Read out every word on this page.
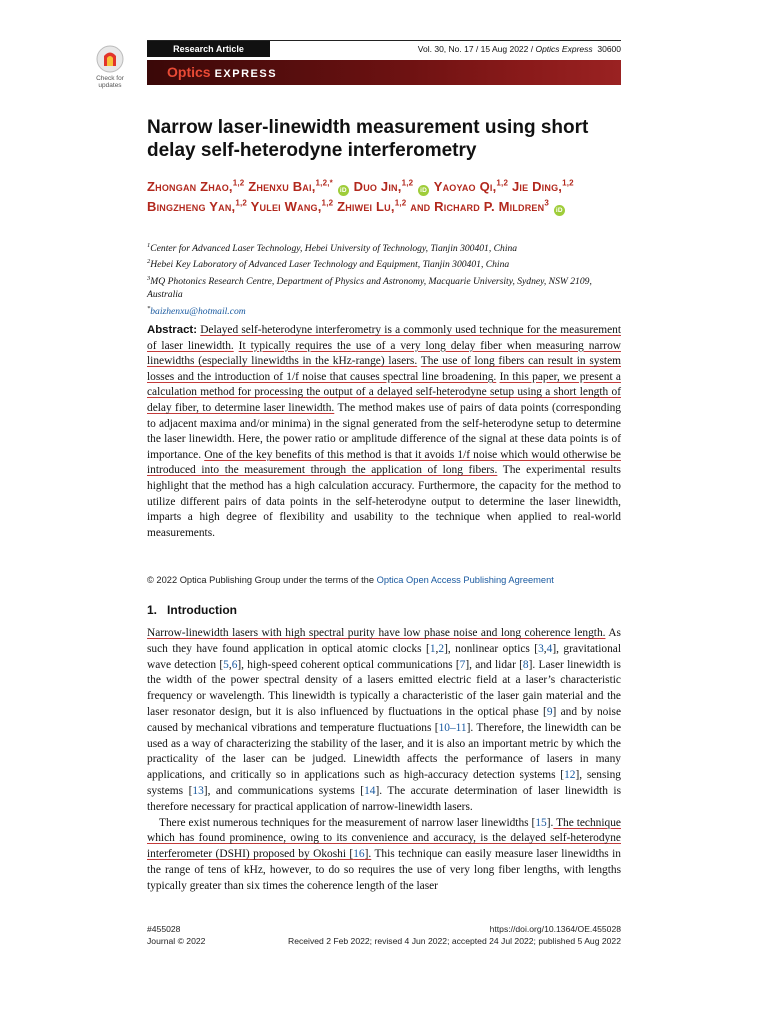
Check for
updates
Research Article	Vol. 30, No. 17 / 15 Aug 2022 / Optics Express 30600
Optics EXPRESS
Narrow laser-linewidth measurement using short delay self-heterodyne interferometry
Zhongan Zhao,$^{1,2}$ Zhenxu Bai,$^{1,2,*}$ iD Duo Jin,$^{1,2}$ iD Yaoyao Qi,$^{1,2}$ Jie Ding,$^{1,2}$ Bingzheng Yan,$^{1,2}$ Yulei Wang,$^{1,2}$ Zhiwei Lu,$^{1,2}$ and Richard P. Mildren$^3$ iD
$^1$Center for Advanced Laser Technology, Hebei University of Technology, Tianjin 300401, China
$^2$Hebei Key Laboratory of Advanced Laser Technology and Equipment, Tianjin 300401, China
$^3$MQ Photonics Research Centre, Department of Physics and Astronomy, Macquarie University, Sydney, NSW 2109, Australia
*baizhenxu@hotmail.com

Abstract: Delayed self-heterodyne interferometry is a commonly used technique for the measurement of laser linewidth. It typically requires the use of a very long delay fiber when measuring narrow linewidths (especially linewidths in the kHz-range) lasers. The use of long fibers can result in system losses and the introduction of 1/f noise that causes spectral line broadening. In this paper, we present a calculation method for processing the output of a delayed self-heterodyne setup using a short length of delay fiber, to determine laser linewidth. The method makes use of pairs of data points (corresponding to adjacent maxima and/or minima) in the signal generated from the self-heterodyne setup to determine the laser linewidth. Here, the power ratio or amplitude difference of the signal at these data points is of importance. One of the key benefits of this method is that it avoids 1/f noise which would otherwise be introduced into the measurement through the application of long fibers. The experimental results highlight that the method has a high calculation accuracy. Furthermore, the capacity for the method to utilize different pairs of data points in the self-heterodyne output to determine the laser linewidth, imparts a high degree of flexibility and usability to the technique when applied to real-world measurements.

© 2022 Optica Publishing Group under the terms of the Optica Open Access Publishing Agreement
1. Introduction

Narrow-linewidth lasers with high spectral purity have low phase noise and long coherence length. As such they have found application in optical atomic clocks [1,2], nonlinear optics [3,4], gravitational wave detection [5,6], high-speed coherent optical communications [7], and lidar [8]. Laser linewidth is the width of the power spectral density of a lasers emitted electric field at a laser’s characteristic frequency or wavelength. This linewidth is typically a characteristic of the laser gain material and the laser resonator design, but it is also influenced by fluctuations in the optical phase [9] and by noise caused by mechanical vibrations and temperature fluctuations [10–11]. Therefore, the linewidth can be used as a way of characterizing the stability of the laser, and it is also an important metric by which the practicality of the laser can be judged. Linewidth affects the performance of lasers in many applications, and critically so in applications such as high-accuracy detection systems [12], sensing systems [13], and communications systems [14]. The accurate determination of laser linewidth is therefore necessary for practical application of narrow-linewidth lasers.

There exist numerous techniques for the measurement of narrow laser linewidths [15]. The technique which has found prominence, owing to its convenience and accuracy, is the delayed self-heterodyne interferometer (DSHI) proposed by Okoshi [16]. This technique can easily measure laser linewidths in the range of tens of kHz, however, to do so requires the use of very long fiber lengths, with lengths typically greater than six times the coherence length of the laser

#455028	https://doi.org/10.1364/OE.455028
Journal © 2022	Received 2 Feb 2022; revised 4 Jun 2022; accepted 24 Jul 2022; published 5 Aug 2022
